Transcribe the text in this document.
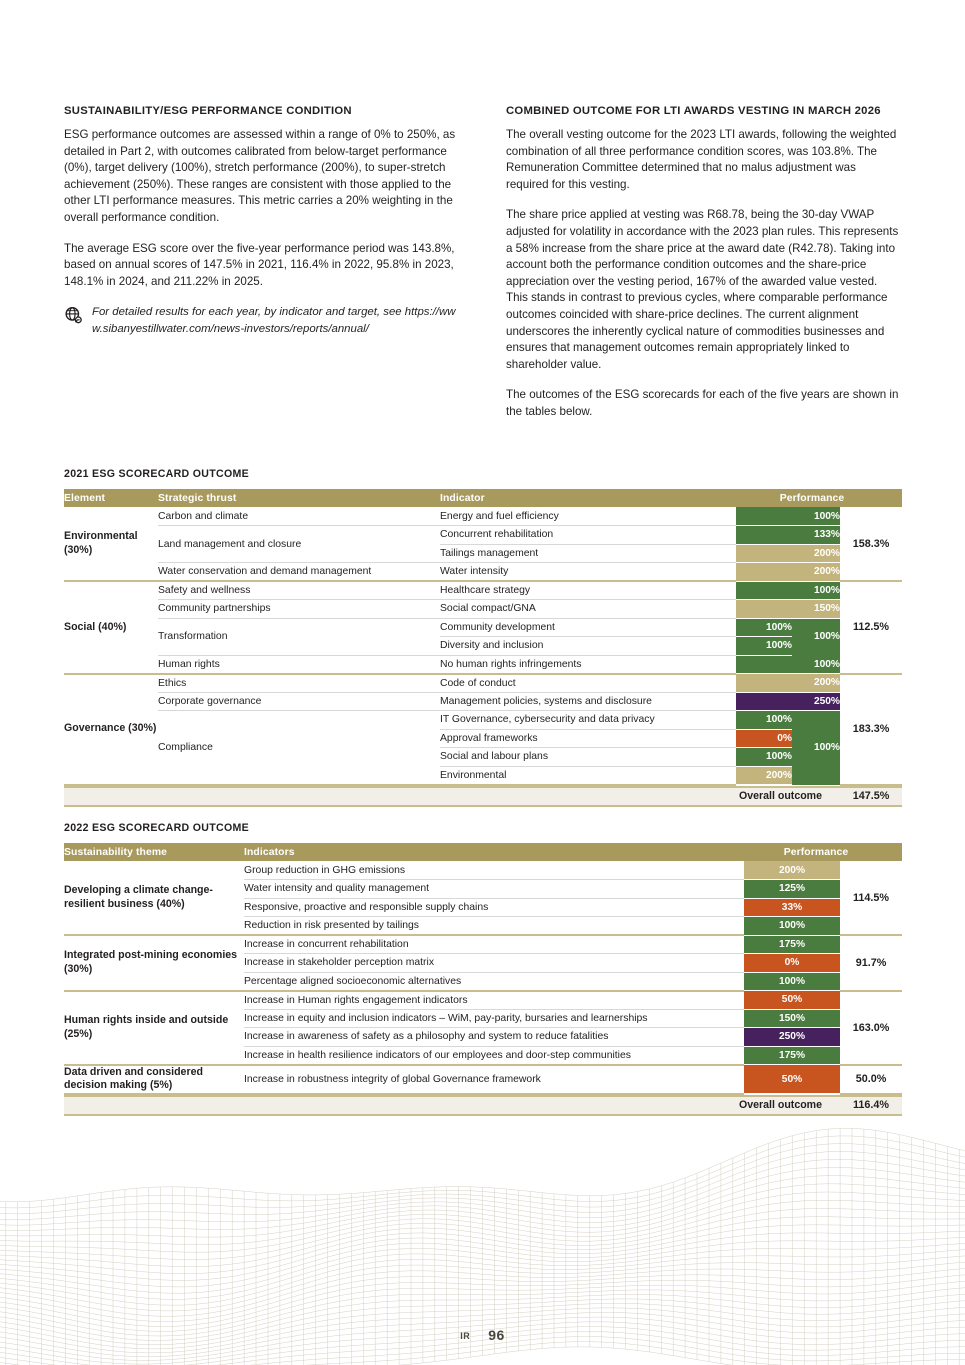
SUSTAINABILITY/ESG PERFORMANCE CONDITION

ESG performance outcomes are assessed within a range of 0% to 250%, as detailed in Part 2, with outcomes calibrated from below-target performance (0%), target delivery (100%), stretch performance (200%), to super-stretch achievement (250%). These ranges are consistent with those applied to the other LTI performance measures. This metric carries a 20% weighting in the overall performance condition.

The average ESG score over the five-year performance period was 143.8%, based on annual scores of 147.5% in 2021, 116.4% in 2022, 95.8% in 2023, 148.1% in 2024, and 211.22% in 2025.

For detailed results for each year, by indicator and target, see https://www.sibanyestillwater.com/news-investors/reports/annual/
COMBINED OUTCOME FOR LTI AWARDS VESTING IN MARCH 2026

The overall vesting outcome for the 2023 LTI awards, following the weighted combination of all three performance condition scores, was 103.8%. The Remuneration Committee determined that no malus adjustment was required for this vesting.

The share price applied at vesting was R68.78, being the 30-day VWAP adjusted for volatility in accordance with the 2023 plan rules. This represents a 58% increase from the share price at the award date (R42.78). Taking into account both the performance condition outcomes and the share-price appreciation over the vesting period, 167% of the awarded value vested. This stands in contrast to previous cycles, where comparable performance outcomes coincided with share-price declines. The current alignment underscores the inherently cyclical nature of commodities businesses and ensures that management outcomes remain appropriately linked to shareholder value.

The outcomes of the ESG scorecards for each of the five years are shown in the tables below.

2021 ESG SCORECARD OUTCOME
Element	Strategic thrust	Indicator	Performance		
Environmental (30%)	Carbon and climate	Energy and fuel efficiency	100%		158.3%
	Land management and closure	Concurrent rehabilitation	133%		
		Tailings management	200%		
	Water conservation and demand management	Water intensity	200%		
Social (40%)	Safety and wellness	Healthcare strategy	100%		112.5%
	Community partnerships	Social compact/GNA	150%		
	Transformation	Community development	100%	100%	
		Diversity and inclusion	100%		
	Human rights	No human rights infringements	100%		
Governance (30%)	Ethics	Code of conduct	200%		183.3%
	Corporate governance	Management policies, systems and disclosure	250%		
	Compliance	IT Governance, cybersecurity and data privacy	100%	100%	
		Approval frameworks	0%		
		Social and labour plans	100%		
		Environmental	200%		
Overall outcome	147.5%
2022 ESG SCORECARD OUTCOME
Sustainability theme	Indicators	Performance	
Developing a climate change-resilient business (40%)	Group reduction in GHG emissions	200%	114.5%
	Water intensity and quality management	125%	
	Responsive, proactive and responsible supply chains	33%	
	Reduction in risk presented by tailings	100%	
Integrated post-mining economies (30%)	Increase in concurrent rehabilitation	175%	91.7%
	Increase in stakeholder perception matrix	0%	
	Percentage aligned socioeconomic alternatives	100%	
Human rights inside and outside (25%)	Increase in Human rights engagement indicators	50%	163.0%
	Increase in equity and inclusion indicators – WiM, pay-parity, bursaries and learnerships	150%	
	Increase in awareness of safety as a philosophy and system to reduce fatalities	250%	
	Increase in health resilience indicators of our employees and door-step communities	175%	
Data driven and considered decision making (5%)	Increase in robustness integrity of global Governance framework	50%	50.0%
Overall outcome	116.4%
IR 96
